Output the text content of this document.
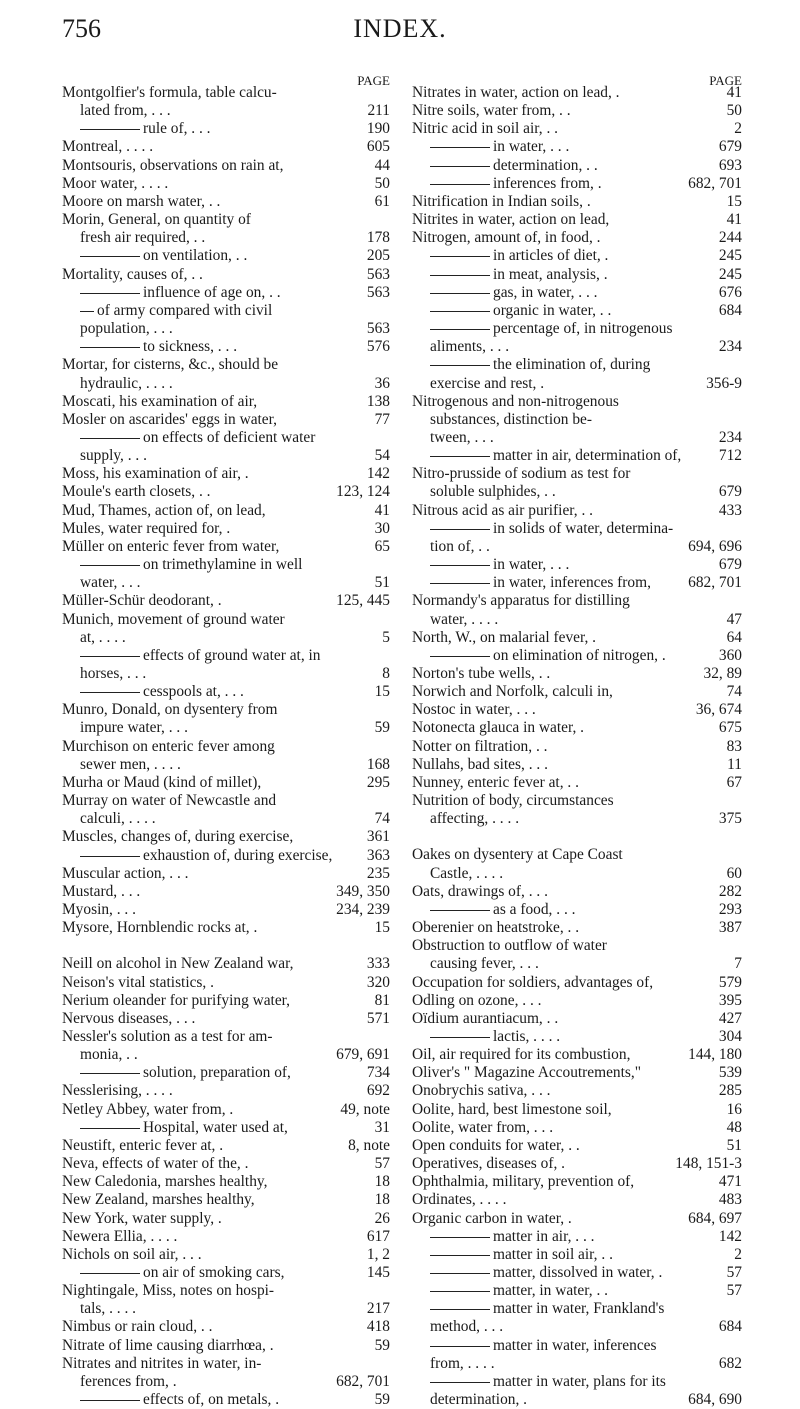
756	INDEX.
PAGE
Montgolfier's formula, table calcu-
lated from, . . .	211
rule of, . . .	190
Montreal, . . . .	605
Montsouris, observations on rain at,	44
Moor water, . . . .	50
Moore on marsh water, . .	61
Morin, General, on quantity of
fresh air required, . .	178
on ventilation, . .	205
Mortality, causes of, . .	563
influence of age on, . .	563
of army compared with civil
population, . . .	563
to sickness, . . .	576
Mortar, for cisterns, &c., should be
hydraulic, . . . .	36
Moscati, his examination of air,	138
Mosler on ascarides' eggs in water,	77
on effects of deficient water
supply, . . .	54
Moss, his examination of air, .	142
Moule's earth closets, . .	123, 124
Mud, Thames, action of, on lead,	41
Mules, water required for, .	30
Müller on enteric fever from water,	65
on trimethylamine in well
water, . . .	51
Müller-Schür deodorant, .	125, 445
Munich, movement of ground water
at, . . . .	5
effects of ground water at, in
horses, . . .	8
cesspools at, . . .	15
Munro, Donald, on dysentery from
impure water, . . .	59
Murchison on enteric fever among
sewer men, . . . .	168
Murha or Maud (kind of millet),	295
Murray on water of Newcastle and
calculi, . . . .	74
Muscles, changes of, during exercise,	361
exhaustion of, during exercise,	363
Muscular action, . . .	235
Mustard, . . .	349, 350
Myosin, . . .	234, 239
Mysore, Hornblendic rocks at, .	15
Neill on alcohol in New Zealand war,	333
Neison's vital statistics, .	320
Nerium oleander for purifying water,	81
Nervous diseases, . . .	571
Nessler's solution as a test for am-
monia, . .	679, 691
solution, preparation of,	734
Nesslerising, . . . .	692
Netley Abbey, water from, .	49, note
Hospital, water used at,	31
Neustift, enteric fever at, .	8, note
Neva, effects of water of the, .	57
New Caledonia, marshes healthy,	18
New Zealand, marshes healthy,	18
New York, water supply, .	26
Newera Ellia, . . . .	617
Nichols on soil air, . . .	1, 2
on air of smoking cars,	145
Nightingale, Miss, notes on hospi-
tals, . . . .	217
Nimbus or rain cloud, . .	418
Nitrate of lime causing diarrhœa, .	59
Nitrates and nitrites in water, in-
ferences from, .	682, 701
effects of, on metals, .	59
PAGE
Nitrates in water, action on lead, .	41
Nitre soils, water from, . .	50
Nitric acid in soil air, . .	2
in water, . . .	679
determination, . .	693
inferences from, .	682, 701
Nitrification in Indian soils, .	15
Nitrites in water, action on lead,	41
Nitrogen, amount of, in food, .	244
in articles of diet, .	245
in meat, analysis, .	245
gas, in water, . . .	676
organic in water, . .	684
percentage of, in nitrogenous
aliments, . . .	234
the elimination of, during
exercise and rest, .	356-9
Nitrogenous and non-nitrogenous
substances, distinction be-
tween, . . .	234
matter in air, determination of,	712
Nitro-prusside of sodium as test for
soluble sulphides, . .	679
Nitrous acid as air purifier, . .	433
in solids of water, determina-
tion of, . .	694, 696
in water, . . .	679
in water, inferences from,	682, 701
Normandy's apparatus for distilling
water, . . . .	47
North, W., on malarial fever, .	64
on elimination of nitrogen, .	360
Norton's tube wells, . .	32, 89
Norwich and Norfolk, calculi in,	74
Nostoc in water, . . .	36, 674
Notonecta glauca in water, .	675
Notter on filtration, . .	83
Nullahs, bad sites, . . .	11
Nunney, enteric fever at, . .	67
Nutrition of body, circumstances
affecting, . . . .	375
Oakes on dysentery at Cape Coast
Castle, . . . .	60
Oats, drawings of, . . .	282
as a food, . . .	293
Oberenier on heatstroke, . .	387
Obstruction to outflow of water
causing fever, . . .	7
Occupation for soldiers, advantages of,	579
Odling on ozone, . . .	395
Oïdium aurantiacum, . .	427
lactis, . . . .	304
Oil, air required for its combustion,	144, 180
Oliver's " Magazine Accoutrements,"	539
Onobrychis sativa, . . .	285
Oolite, hard, best limestone soil,	16
Oolite, water from, . . .	48
Open conduits for water, . .	51
Operatives, diseases of, .	148, 151-3
Ophthalmia, military, prevention of,	471
Ordinates, . . . .	483
Organic carbon in water, .	684, 697
matter in air, . . .	142
matter in soil air, . .	2
matter, dissolved in water, .	57
matter, in water, . .	57
matter in water, Frankland's
method, . . .	684
matter in water, inferences
from, . . . .	682
matter in water, plans for its
determination, .	684, 690
